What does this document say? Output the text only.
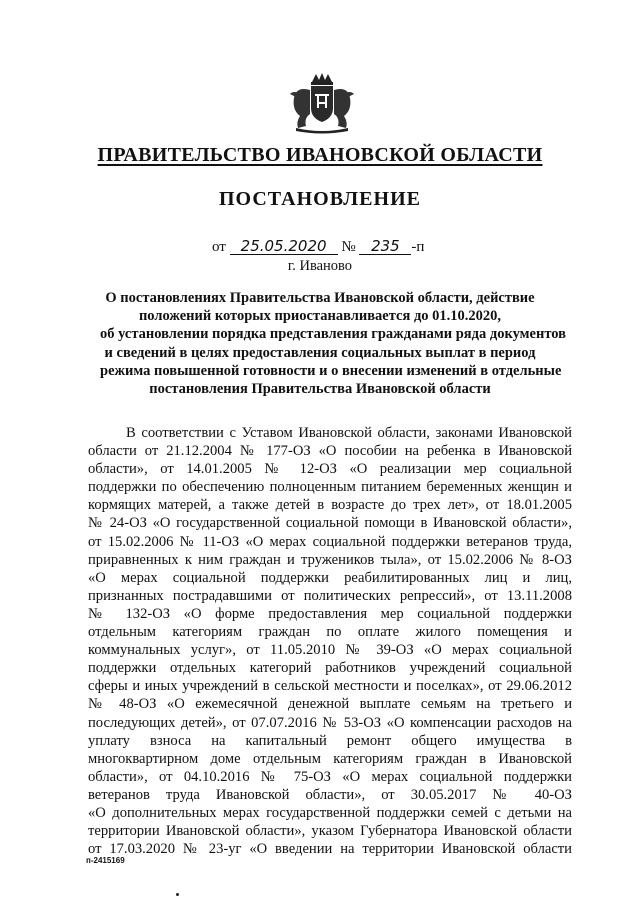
ПРАВИТЕЛЬСТВО ИВАНОВСКОЙ ОБЛАСТИ
ПОСТАНОВЛЕНИЕ
от 25.05.2020 № 235 -п
г. Иваново
О постановлениях Правительства Ивановской области, действие
положений которых приостанавливается до 01.10.2020,
об установлении порядка представления гражданами ряда документов
и сведений в целях предоставления социальных выплат в период
режима повышенной готовности и о внесении изменений в отдельные
постановления Правительства Ивановской области
В соответствии с Уставом Ивановской области, законами Ивановской
области от 21.12.2004 № 177-ОЗ «О пособии на ребенка в Ивановской
области», от 14.01.2005 № 12-ОЗ «О реализации мер социальной
поддержки по обеспечению полноценным питанием беременных женщин и
кормящих матерей, а также детей в возрасте до трех лет», от 18.01.2005
№ 24-ОЗ «О государственной социальной помощи в Ивановской области»,
от 15.02.2006 № 11-ОЗ «О мерах социальной поддержки ветеранов труда,
приравненных к ним граждан и тружеников тыла», от 15.02.2006 № 8-ОЗ
«О мерах социальной поддержки реабилитированных лиц и лиц,
признанных пострадавшими от политических репрессий», от 13.11.2008
№ 132-ОЗ «О форме предоставления мер социальной поддержки
отдельным категориям граждан по оплате жилого помещения и
коммунальных услуг», от 11.05.2010 № 39-ОЗ «О мерах социальной
поддержки отдельных категорий работников учреждений социальной
сферы и иных учреждений в сельской местности и поселках», от 29.06.2012
№ 48-ОЗ «О ежемесячной денежной выплате семьям на третьего и
последующих детей», от 07.07.2016 № 53-ОЗ «О компенсации расходов на
уплату взноса на капитальный ремонт общего имущества в
многоквартирном доме отдельным категориям граждан в Ивановской
области», от 04.10.2016 № 75-ОЗ «О мерах социальной поддержки
ветеранов труда Ивановской области», от 30.05.2017 № 40-ОЗ
«О дополнительных мерах государственной поддержки семей с детьми на
территории Ивановской области», указом Губернатора Ивановской области
от 17.03.2020 № 23-уг «О введении на территории Ивановской области
п-2415169
